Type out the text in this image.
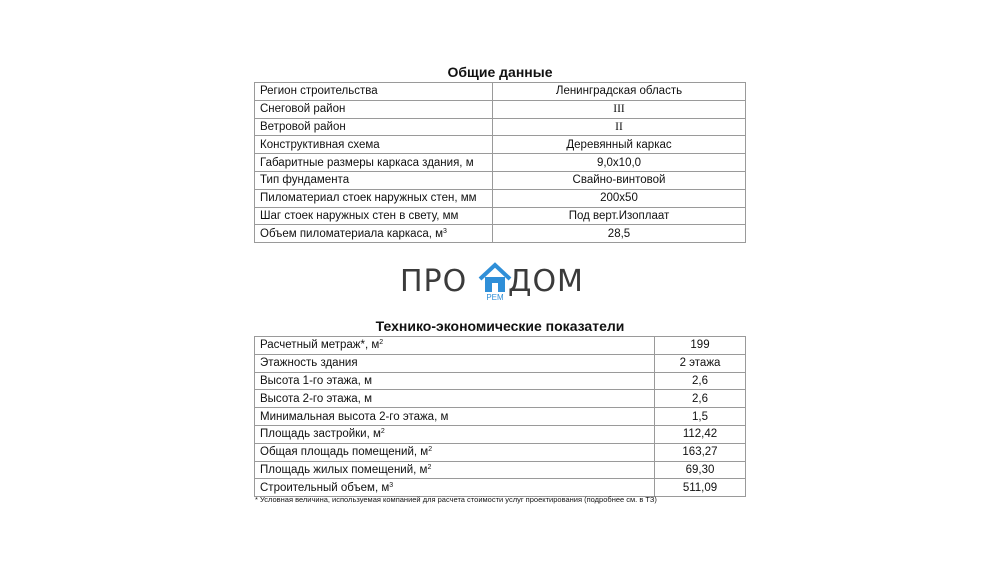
Общие данные
Регион строительства	Ленинградская область
Снеговой район	III
Ветровой район	II
Конструктивная схема	Деревянный каркас
Габаритные размеры каркаса здания, м	9,0х10,0
Тип фундамента	Свайно-винтовой
Пиломатериал стоек наружных стен, мм	200х50
Шаг стоек наружных стен в свету, мм	Под верт.Изоплаат
Объем пиломатериала каркаса, $м^3$	28,5
ПРО	РЕМ ДОМ
Технико-экономические показатели
Расчетный метраж*, $м^2$	199
Этажность здания	2 этажа
Высота 1-го этажа, м	2,6
Высота 2-го этажа, м	2,6
Минимальная высота 2-го этажа, м	1,5
Площадь застройки, $м^2$	112,42
Общая площадь помещений, $м^2$	163,27
Площадь жилых помещений, $м^2$	69,30
Строительный объем, $м^3$	511,09
* Условная величина, используемая компанией для расчета стоимости услуг проектирования (подробнее см. в ТЗ)
